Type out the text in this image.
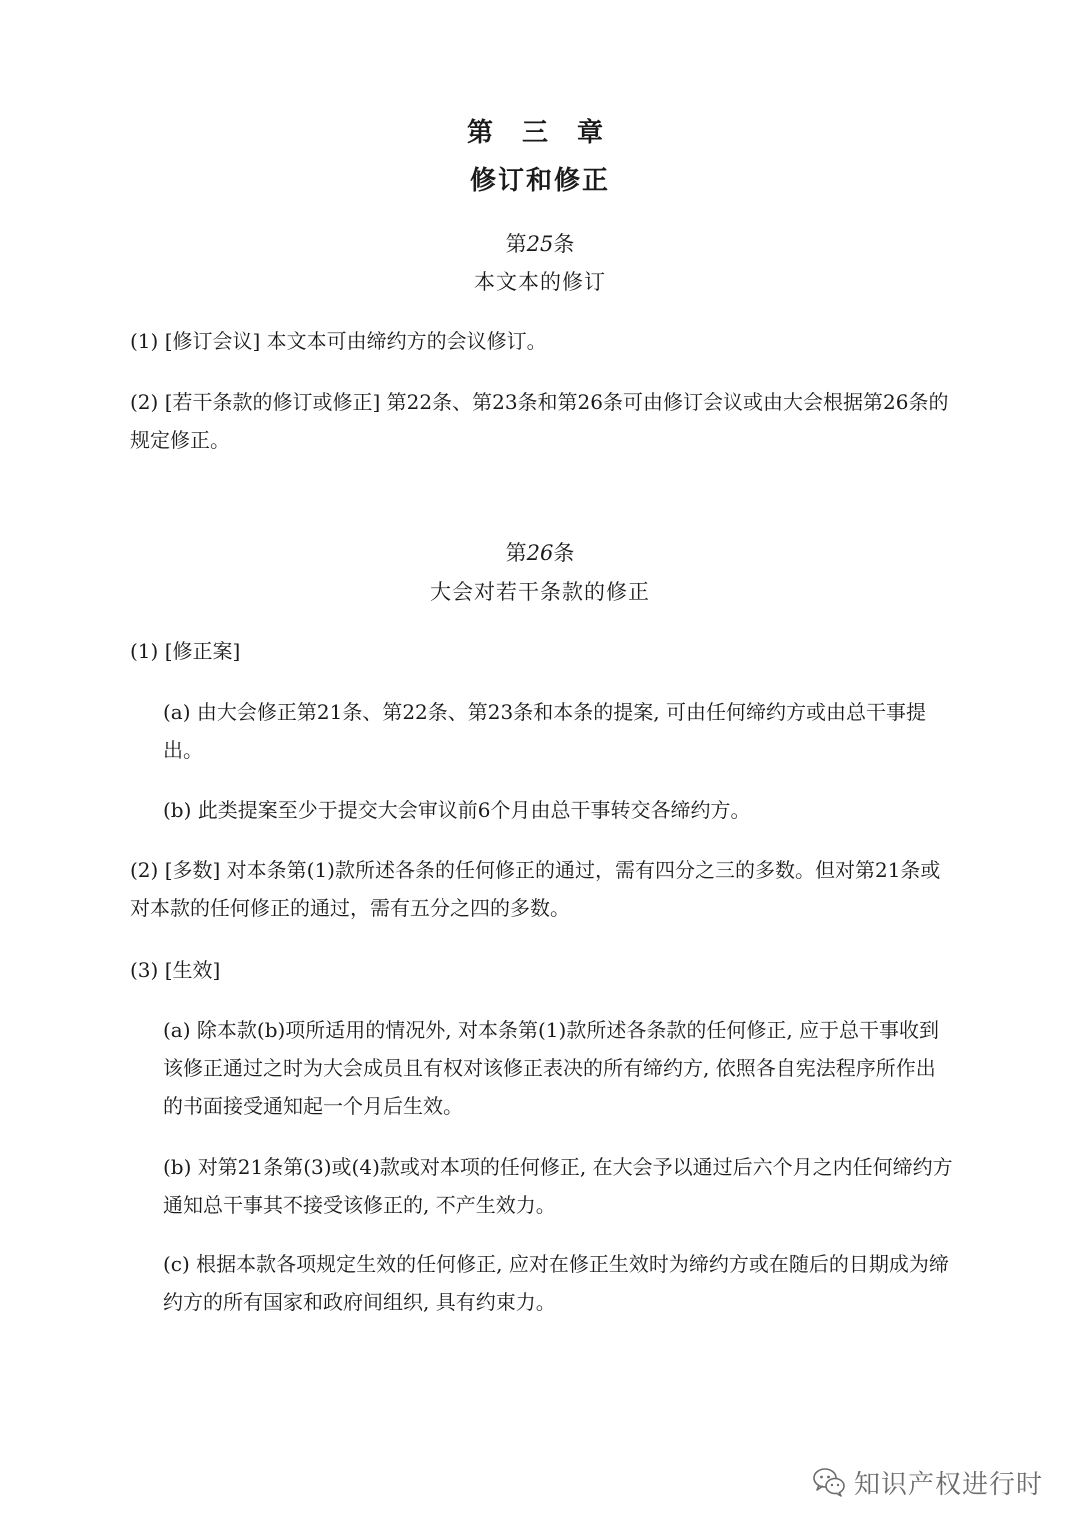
第 三 章
修订和修正
第25条
本文本的修订
(1) [修订会议] 本文本可由缔约方的会议修订。
(2) [若干条款的修订或修正] 第22条、第23条和第26条可由修订会议或由大会根据第26条的规定修正。
第26条
大会对若干条款的修正
(1) [修正案]
(a) 由大会修正第21条、第22条、第23条和本条的提案, 可由任何缔约方或由总干事提出。
(b) 此类提案至少于提交大会审议前6个月由总干事转交各缔约方。
(2) [多数] 对本条第(1)款所述各条的任何修正的通过，需有四分之三的多数。但对第21条或对本款的任何修正的通过，需有五分之四的多数。
(3) [生效]
(a) 除本款(b)项所适用的情况外, 对本条第(1)款所述各条款的任何修正, 应于总干事收到该修正通过之时为大会成员且有权对该修正表决的所有缔约方, 依照各自宪法程序所作出的书面接受通知起一个月后生效。
(b) 对第21条第(3)或(4)款或对本项的任何修正, 在大会予以通过后六个月之内任何缔约方通知总干事其不接受该修正的, 不产生效力。
(c) 根据本款各项规定生效的任何修正, 应对在修正生效时为缔约方或在随后的日期成为缔约方的所有国家和政府间组织, 具有约束力。
知识产权进行时
